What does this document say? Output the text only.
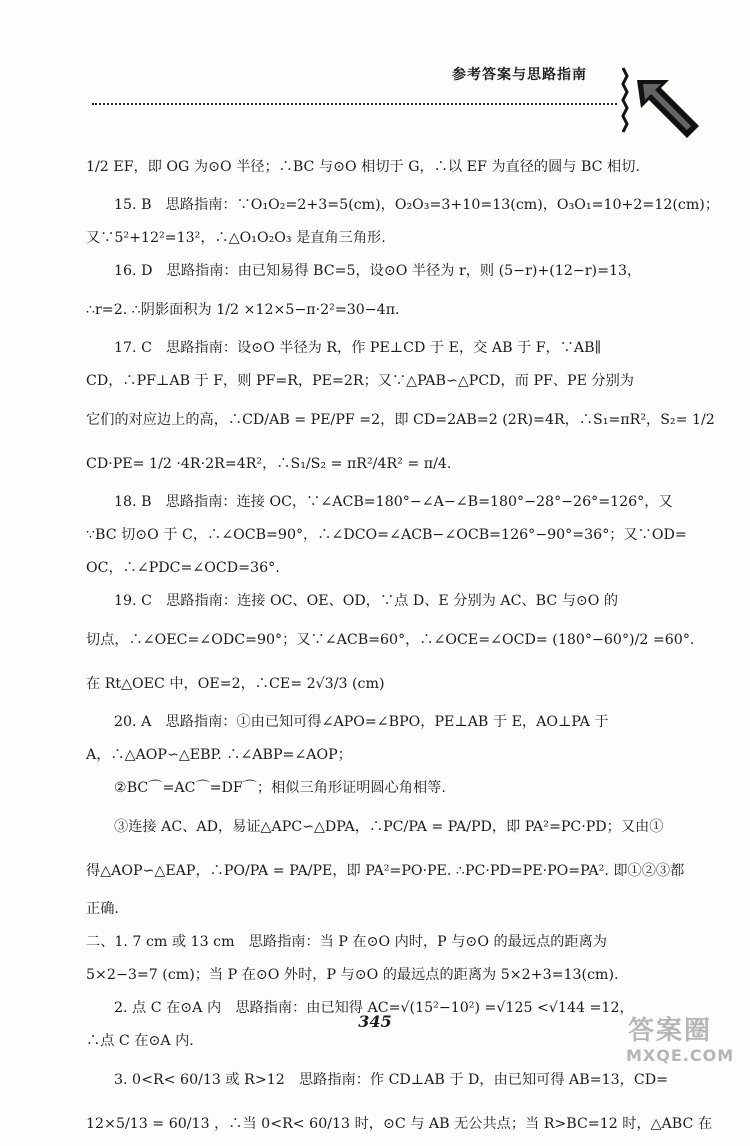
参考答案与思路指南
1/2 EF，即 OG 为⊙O 半径；∴BC 与⊙O 相切于 G，∴以 EF 为直径的圆与 BC 相切.
15. B　思路指南：∵O₁O₂=2+3=5(cm)，O₂O₃=3+10=13(cm)，O₃O₁=10+2=12(cm)；
又∵5²+12²=13²，∴△O₁O₂O₃ 是直角三角形.
16. D　思路指南：由已知易得 BC=5，设⊙O 半径为 r，则 (5−r)+(12−r)=13，
∴r=2. ∴阴影面积为 1/2 ×12×5−π·2²=30−4π.
17. C　思路指南：设⊙O 半径为 R，作 PE⊥CD 于 E，交 AB 于 F，∵AB∥
CD，∴PF⊥AB 于 F，则 PF=R，PE=2R；又∵△PAB∽△PCD，而 PF、PE 分别为
它们的对应边上的高，∴CD/AB = PE/PF =2，即 CD=2AB=2 (2R)=4R，∴S₁=πR²，S₂= 1/2
CD·PE= 1/2 ·4R·2R=4R²，∴S₁/S₂ = πR²/4R² = π/4.
18. B　思路指南：连接 OC，∵∠ACB=180°−∠A−∠B=180°−28°−26°=126°，又
∵BC 切⊙O 于 C，∴∠OCB=90°，∴∠DCO=∠ACB−∠OCB=126°−90°=36°；又∵OD=
OC，∴∠PDC=∠OCD=36°.
19. C　思路指南：连接 OC、OE、OD，∵点 D、E 分别为 AC、BC 与⊙O 的
切点，∴∠OEC=∠ODC=90°；又∵∠ACB=60°，∴∠OCE=∠OCD= (180°−60°)/2 =60°.
在 Rt△OEC 中，OE=2，∴CE= 2√3/3 (cm)
20. A　思路指南：①由已知可得∠APO=∠BPO，PE⊥AB 于 E，AO⊥PA 于
A，∴△AOP∽△EBP. ∴∠ABP=∠AOP；
②BC⌒=AC⌒=DF⌒；相似三角形证明圆心角相等.
③连接 AC、AD，易证△APC∽△DPA，∴PC/PA = PA/PD，即 PA²=PC·PD；又由①
得△AOP∽△EAP，∴PO/PA = PA/PE，即 PA²=PO·PE. ∴PC·PD=PE·PO=PA². 即①②③都
正确.
二、1. 7 cm 或 13 cm　思路指南：当 P 在⊙O 内时，P 与⊙O 的最远点的距离为
5×2−3=7 (cm)；当 P 在⊙O 外时，P 与⊙O 的最远点的距离为 5×2+3=13(cm).
2. 点 C 在⊙A 内　思路指南：由已知得 AC=√(15²−10²) =√125 <√144 =12，
∴点 C 在⊙A 内.
3. 0<R< 60/13 或 R>12　思路指南：作 CD⊥AB 于 D，由已知可得 AB=13，CD=
12×5/13 = 60/13 ，∴当 0<R< 60/13 时，⊙C 与 AB 无公共点；当 R>BC=12 时，△ABC 在
345	答案圈
MXQE.COM
